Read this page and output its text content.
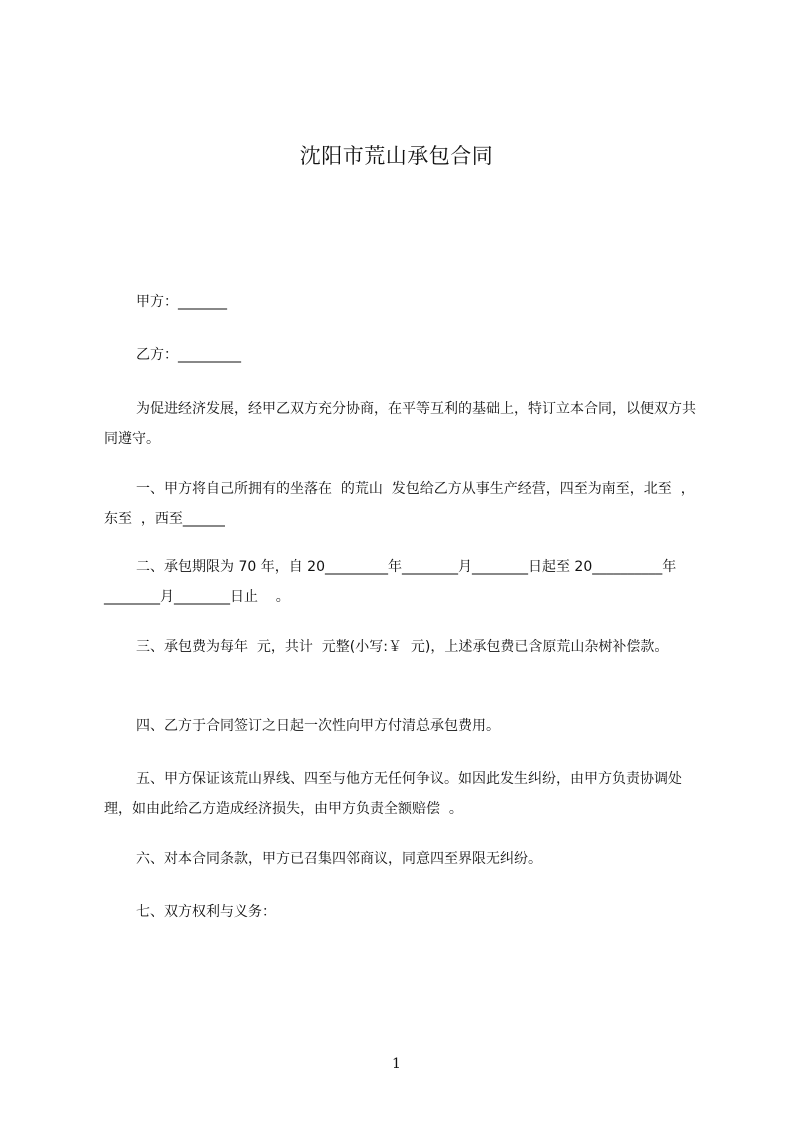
沈阳市荒山承包合同
甲方：_______
乙方：_________
为促进经济发展，经甲乙双方充分协商，在平等互利的基础上，特订立本合同，以便双方共同遵守。
一、甲方将自己所拥有的坐落在  的荒山  发包给乙方从事生产经营，四至为南至，北至  ，东至  ，西至______
二、承包期限为 70 年，自 20_________年________月________日起至 20__________年________月________日止    。
三、承包费为每年  元，共计  元整(小写:￥  元)，上述承包费已含原荒山杂树补偿款。
四、乙方于合同签订之日起一次性向甲方付清总承包费用。
五、甲方保证该荒山界线、四至与他方无任何争议。如因此发生纠纷，由甲方负责协调处理，如由此给乙方造成经济损失，由甲方负责全额赔偿  。
六、对本合同条款，甲方已召集四邻商议，同意四至界限无纠纷。
七、双方权利与义务：
1
